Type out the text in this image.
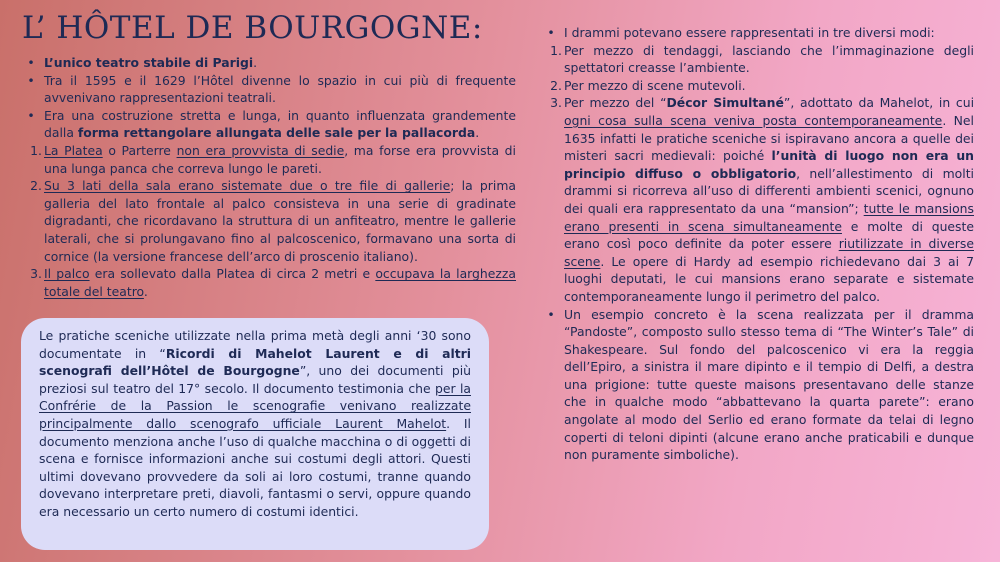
L’ HÔTEL DE BOURGOGNE:
• L’unico teatro stabile di Parigi.
• Tra il 1595 e il 1629 l’Hôtel divenne lo spazio in cui più di frequente avvenivano rappresentazioni teatrali.
• Era una costruzione stretta e lunga, in quanto influenzata grandemente dalla forma rettangolare allungata delle sale per la pallacorda.
1. La Platea o Parterre non era provvista di sedie, ma forse era provvista di una lunga panca che correva lungo le pareti.
2. Su 3 lati della sala erano sistemate due o tre file di gallerie; la prima galleria del lato frontale al palco consisteva in una serie di gradinate digradanti, che ricordavano la struttura di un anfiteatro, mentre le gallerie laterali, che si prolungavano fino al palcoscenico, formavano una sorta di cornice (la versione francese dell’arco di proscenio italiano).
3. Il palco era sollevato dalla Platea di circa 2 metri e occupava la larghezza totale del teatro.
Le pratiche sceniche utilizzate nella prima metà degli anni ‘30 sono documentate in “Ricordi di Mahelot Laurent e di altri scenografi dell’Hôtel de Bourgogne”, uno dei documenti più preziosi sul teatro del 17° secolo. Il documento testimonia che per la Confrérie de la Passion le scenografie venivano realizzate principalmente dallo scenografo ufficiale Laurent Mahelot. Il documento menziona anche l’uso di qualche macchina o di oggetti di scena e fornisce informazioni anche sui costumi degli attori. Questi ultimi dovevano provvedere da soli ai loro costumi, tranne quando dovevano interpretare preti, diavoli, fantasmi o servi, oppure quando era necessario un certo numero di costumi identici.
• I drammi potevano essere rappresentati in tre diversi modi:
1. Per mezzo di tendaggi, lasciando che l’immaginazione degli spettatori creasse l’ambiente.
2. Per mezzo di scene mutevoli.
3. Per mezzo del “Décor Simultané”, adottato da Mahelot, in cui ogni cosa sulla scena veniva posta contemporaneamente. Nel 1635 infatti le pratiche sceniche si ispiravano ancora a quelle dei misteri sacri medievali: poiché l’unità di luogo non era un principio diffuso o obbligatorio, nell’allestimento di molti drammi si ricorreva all’uso di differenti ambienti scenici, ognuno dei quali era rappresentato da una “mansion”; tutte le mansions erano presenti in scena simultaneamente e molte di queste erano così poco definite da poter essere riutilizzate in diverse scene. Le opere di Hardy ad esempio richiedevano dai 3 ai 7 luoghi deputati, le cui mansions erano separate e sistemate contemporaneamente lungo il perimetro del palco.
• Un esempio concreto è la scena realizzata per il dramma “Pandoste”, composto sullo stesso tema di “The Winter’s Tale” di Shakespeare. Sul fondo del palcoscenico vi era la reggia dell’Epiro, a sinistra il mare dipinto e il tempio di Delfi, a destra una prigione: tutte queste maisons presentavano delle stanze che in qualche modo “abbattevano la quarta parete”: erano angolate al modo del Serlio ed erano formate da telai di legno coperti di teloni dipinti (alcune erano anche praticabili e dunque non puramente simboliche).
